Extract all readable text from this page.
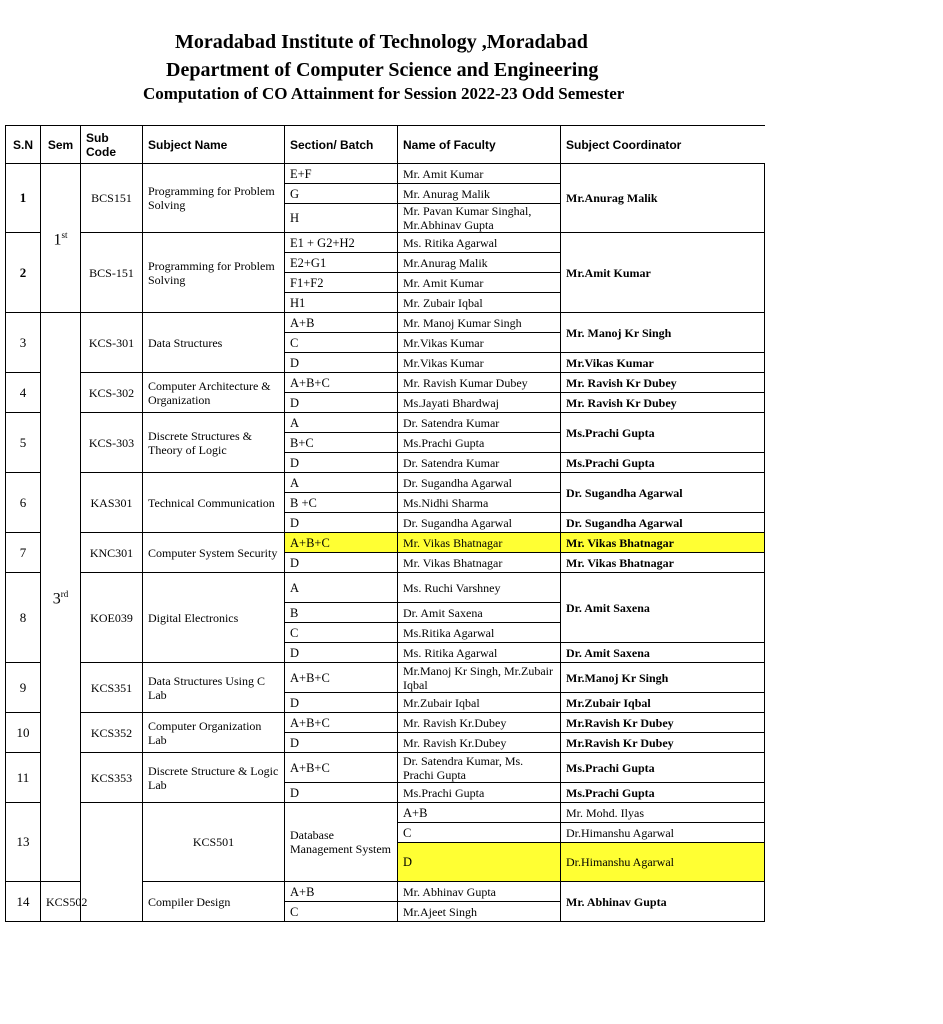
Moradabad Institute of Technology ,Moradabad
Department of Computer Science and Engineering
Computation of CO Attainment for Session 2022-23 Odd Semester
S.N	Sem	Sub Code	Subject Name	Section/ Batch	Name of Faculty	Subject Coordinator	
1	1st	BCS151	Programming for Problem Solving	E+F	Mr. Amit Kumar	Mr.Anurag Malik	
				G	Mr. Anurag Malik		
				H	Mr. Pavan Kumar Singhal, Mr.Abhinav Gupta		
2		BCS-151	Programming for Problem Solving	E1 + G2+H2	Ms. Ritika Agarwal	Mr.Amit Kumar	
				E2+G1	Mr.Anurag Malik		
				F1+F2	Mr. Amit Kumar		
				H1	Mr. Zubair Iqbal		
3	3rd	KCS-301	Data Structures	A+B	Mr. Manoj Kumar Singh	Mr. Manoj Kr Singh	
				C	Mr.Vikas Kumar		
				D	Mr.Vikas Kumar	Mr.Vikas Kumar	
4		KCS-302	Computer Architecture & Organization	A+B+C	Mr. Ravish Kumar Dubey	Mr. Ravish Kr Dubey	
				D	Ms.Jayati Bhardwaj	Mr. Ravish Kr Dubey	
5		KCS-303	Discrete Structures & Theory of Logic	A	Dr. Satendra Kumar	Ms.Prachi Gupta	
				B+C	Ms.Prachi Gupta		
				D	Dr. Satendra Kumar	Ms.Prachi Gupta	
6		KAS301	Technical Communication	A	Dr. Sugandha Agarwal	Dr. Sugandha Agarwal	
				B +C	Ms.Nidhi Sharma		
				D	Dr. Sugandha Agarwal	Dr. Sugandha Agarwal	
7		KNC301	Computer System Security	A+B+C	Mr. Vikas Bhatnagar	Mr. Vikas Bhatnagar	
				D	Mr. Vikas Bhatnagar	Mr. Vikas Bhatnagar	
8		KOE039	Digital Electronics	A	Ms. Ruchi Varshney	Dr. Amit Saxena	
				B	Dr. Amit Saxena		
				C	Ms.Ritika Agarwal		
				D	Ms. Ritika Agarwal	Dr. Amit Saxena	
9		KCS351	Data Structures Using C Lab	A+B+C	Mr.Manoj Kr Singh, Mr.Zubair Iqbal	Mr.Manoj Kr Singh	
				D	Mr.Zubair Iqbal	Mr.Zubair Iqbal	
10		KCS352	Computer Organization Lab	A+B+C	Mr. Ravish Kr.Dubey	Mr.Ravish Kr Dubey	
				D	Mr. Ravish Kr.Dubey	Mr.Ravish Kr Dubey	
11		KCS353	Discrete Structure & Logic Lab	A+B+C	Dr. Satendra Kumar, Ms. Prachi Gupta	Ms.Prachi Gupta	
				D	Ms.Prachi Gupta	Ms.Prachi Gupta	
13			KCS501	Database Management System	A+B	Mr. Mohd. Ilyas	
					C	Dr.Himanshu Agarwal	
					D	Dr.Himanshu Agarwal	
14	KCS502		Compiler Design	A+B	Mr. Abhinav Gupta	Mr. Abhinav Gupta	
				C	Mr.Ajeet Singh		
